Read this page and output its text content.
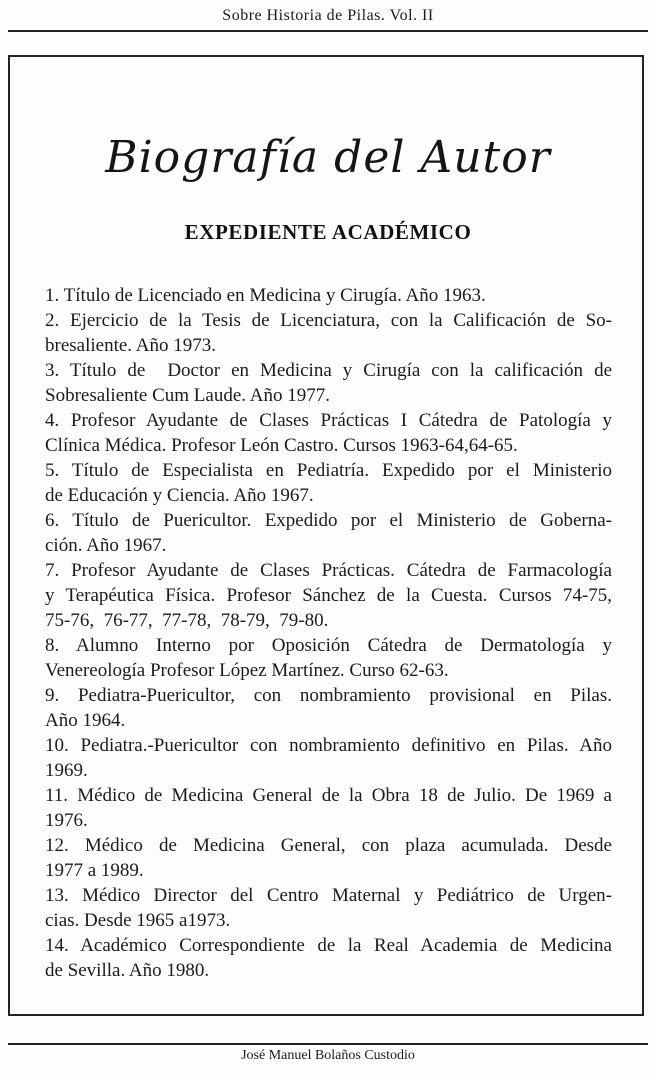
Sobre Historia de Pilas. Vol. II
Biografía del Autor
EXPEDIENTE ACADÉMICO
1. Título de Licenciado en Medicina y Cirugía. Año 1963.
2. Ejercicio de la Tesis de Licenciatura, con la Calificación de So-
bresaliente. Año 1973.
3. Título de  Doctor en Medicina y Cirugía con la calificación de
Sobresaliente Cum Laude. Año 1977.
4. Profesor Ayudante de Clases Prácticas I Cátedra de Patología y
Clínica Médica. Profesor León Castro. Cursos 1963-64,64-65.
5. Título de Especialista en Pediatría. Expedido por el Ministerio
de Educación y Ciencia. Año 1967.
6. Título de Puericultor. Expedido por el Ministerio de Goberna-
ción. Año 1967.
7. Profesor Ayudante de Clases Prácticas. Cátedra de Farmacología
y Terapéutica Física. Profesor Sánchez de la Cuesta. Cursos 74-75,
75-76,  76-77,  77-78,  78-79,  79-80.
8. Alumno Interno por Oposición Cátedra de Dermatología y
Venereología Profesor López Martínez. Curso 62-63.
9. Pediatra-Puericultor, con nombramiento provisional en Pilas.
Año 1964.
10. Pediatra.-Puericultor con nombramiento definitivo en Pilas. Año
1969.
11. Médico de Medicina General de la Obra 18 de Julio. De 1969 a
1976.
12. Médico de Medicina General, con plaza acumulada. Desde
1977 a 1989.
13. Médico Director del Centro Maternal y Pediátrico de Urgen-
cias. Desde 1965 a1973.
14. Académico Correspondiente de la Real Academia de Medicina
de Sevilla. Año 1980.
José Manuel Bolaños Custodio
